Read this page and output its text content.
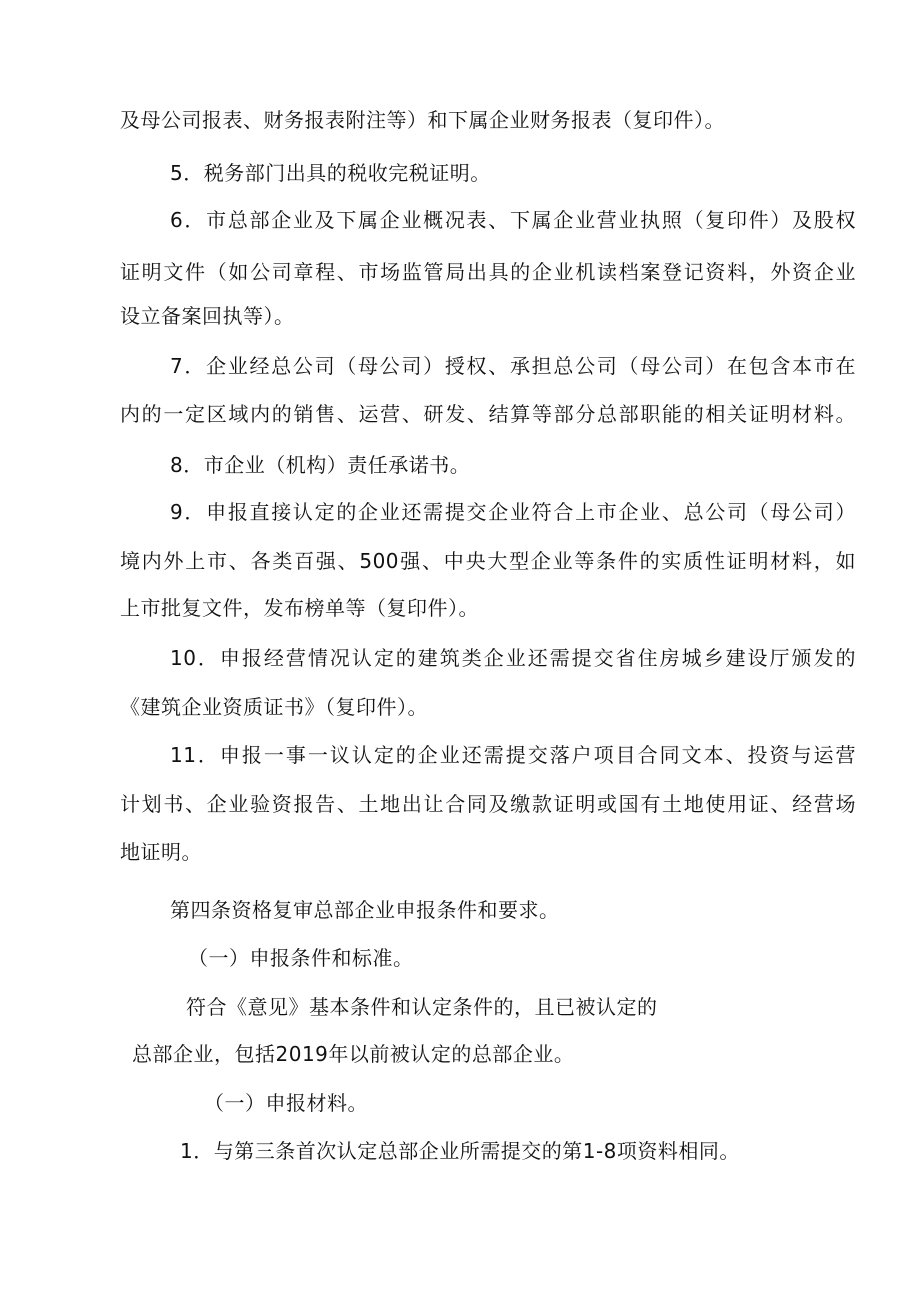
及母公司报表、财务报表附注等）和下属企业财务报表（复印件）。
5．税务部门出具的税收完税证明。
6．市总部企业及下属企业概况表、下属企业营业执照（复印件）及股权
证明文件（如公司章程、市场监管局出具的企业机读档案登记资料，外资企业
设立备案回执等）。
7．企业经总公司（母公司）授权、承担总公司（母公司）在包含本市在
内的一定区域内的销售、运营、研发、结算等部分总部职能的相关证明材料。
8．市企业（机构）责任承诺书。
9．申报直接认定的企业还需提交企业符合上市企业、总公司（母公司）
境内外上市、各类百强、500强、中央大型企业等条件的实质性证明材料，如
上市批复文件，发布榜单等（复印件）。
10．申报经营情况认定的建筑类企业还需提交省住房城乡建设厅颁发的
《建筑企业资质证书》（复印件）。
11．申报一事一议认定的企业还需提交落户项目合同文本、投资与运营
计划书、企业验资报告、土地出让合同及缴款证明或国有土地使用证、经营场
地证明。
第四条资格复审总部企业申报条件和要求。
（一）申报条件和标准。
符合《意见》基本条件和认定条件的，且已被认定的
总部企业，包括2019年以前被认定的总部企业。
（一）申报材料。
1．与第三条首次认定总部企业所需提交的第1-8项资料相同。
